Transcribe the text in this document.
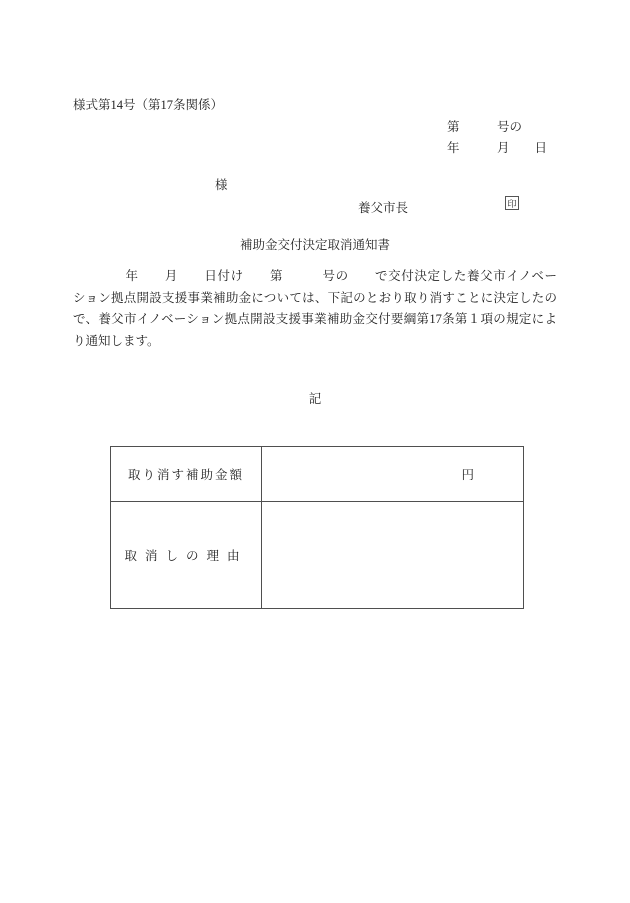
様式第14号（第17条関係）
第　　　号の
年　　　月　　日
様
養父市長	印
補助金交付決定取消通知書
　　　　年　　月　　日付け　　第　　　号の　　で交付決定した養父市イノベー
ション拠点開設支援事業補助金については、下記のとおり取り消すことに決定したの
で、養父市イノベーション拠点開設支援事業補助金交付要綱第17条第１項の規定によ
り通知します。
記
取り消す補助金額	円

取消しの理由	
